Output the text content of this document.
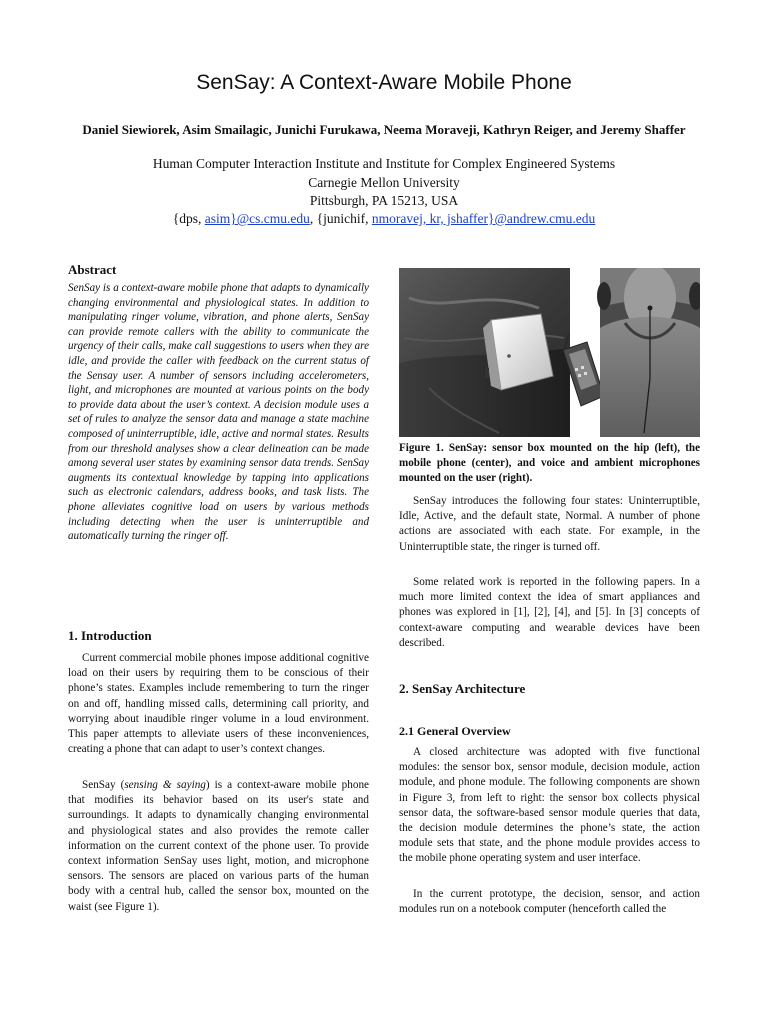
SenSay: A Context-Aware Mobile Phone
Daniel Siewiorek, Asim Smailagic, Junichi Furukawa, Neema Moraveji, Kathryn Reiger, and Jeremy Shaffer
Human Computer Interaction Institute and Institute for Complex Engineered Systems
Carnegie Mellon University
Pittsburgh, PA 15213, USA
{dps, asim}@cs.cmu.edu, {junichif, nmoravej, kr, jshaffer}@andrew.cmu.edu
Abstract

SenSay is a context-aware mobile phone that adapts to dynamically changing environmental and physiological states. In addition to manipulating ringer volume, vibration, and phone alerts, SenSay can provide remote callers with the ability to communicate the urgency of their calls, make call suggestions to users when they are idle, and provide the caller with feedback on the current status of the Sensay user. A number of sensors including accelerometers, light, and microphones are mounted at various points on the body to provide data about the user’s context. A decision module uses a set of rules to analyze the sensor data and manage a state machine composed of uninterruptible, idle, active and normal states. Results from our threshold analyses show a clear delineation can be made among several user states by examining sensor data trends. SenSay augments its contextual knowledge by tapping into applications such as electronic calendars, address books, and task lists. The phone alleviates cognitive load on users by various methods including detecting when the user is uninterruptible and automatically turning the ringer off.

1. Introduction

Current commercial mobile phones impose additional cognitive load on their users by requiring them to be conscious of their phone’s states. Examples include remembering to turn the ringer on and off, handling missed calls, determining call priority, and worrying about inaudible ringer volume in a loud environment. This paper attempts to alleviate users of these inconveniences, creating a phone that can adapt to user’s context changes.

SenSay (sensing & saying) is a context-aware mobile phone that modifies its behavior based on its user's state and surroundings. It adapts to dynamically changing environmental and physiological states and also provides the remote caller information on the current context of the phone user. To provide context information SenSay uses light, motion, and microphone sensors. The sensors are placed on various parts of the human body with a central hub, called the sensor box, mounted on the waist (see Figure 1).

Figure 1. SenSay: sensor box mounted on the hip (left), the mobile phone (center), and voice and ambient microphones mounted on the user (right).

SenSay introduces the following four states: Uninterruptible, Idle, Active, and the default state, Normal. A number of phone actions are associated with each state. For example, in the Uninterruptible state, the ringer is turned off.

Some related work is reported in the following papers. In a much more limited context the idea of smart appliances and phones was explored in [1], [2], [4], and [5]. In [3] concepts of context-aware computing and wearable devices have been described.

2. SenSay Architecture
2.1 General Overview

A closed architecture was adopted with five functional modules: the sensor box, sensor module, decision module, action module, and phone module. The following components are shown in Figure 3, from left to right: the sensor box collects physical sensor data, the software-based sensor module queries that data, the decision module determines the phone’s state, the action module sets that state, and the phone module provides access to the mobile phone operating system and user interface.

In the current prototype, the decision, sensor, and action modules run on a notebook computer (henceforth called the
